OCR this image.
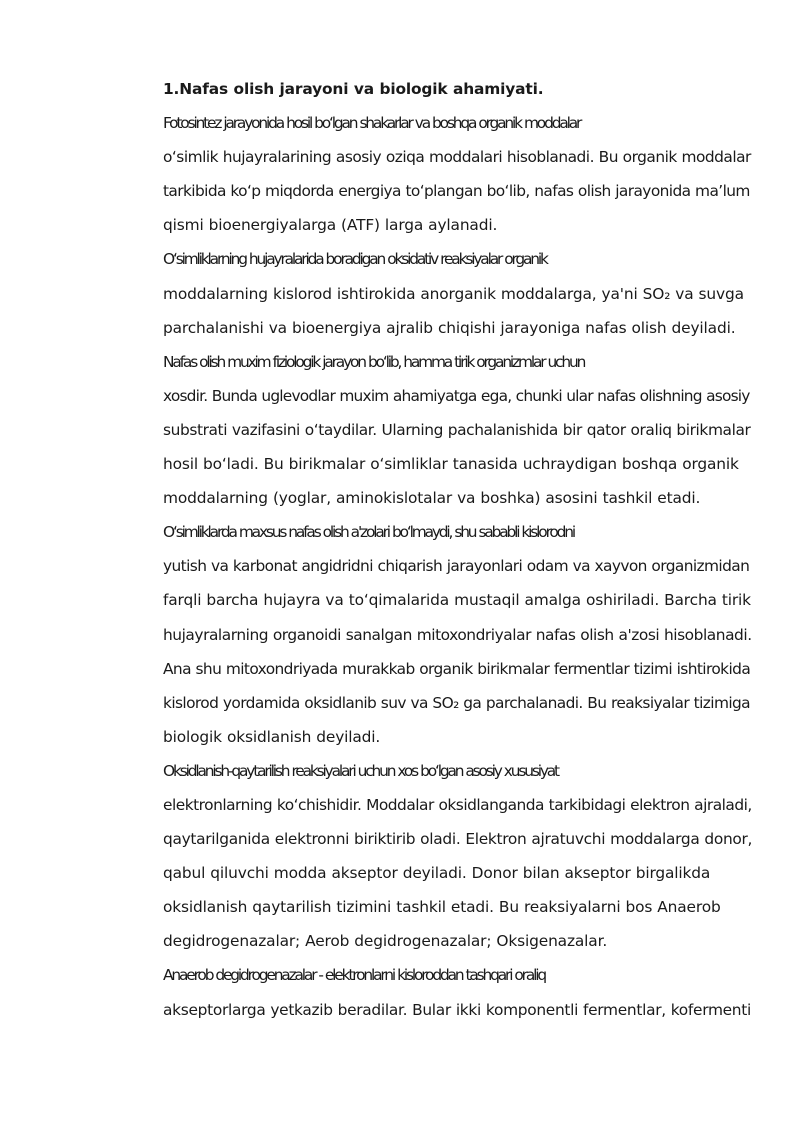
1.Nafas olish jarayoni va biologik ahamiyati.

Fotosintez jarayonida hosil boʻlgan shakarlar va boshqa organik moddalar
oʻsimlik hujayralarining asosiy oziqa moddalari hisoblanadi. Bu organik moddalar
tarkibida koʻp miqdorda energiya toʻplangan boʻlib, nafas olish jarayonida maʼlum
qismi bioenergiyalarga (ATF) larga aylanadi.

Oʻsimliklarning hujayralarida boradigan oksidativ reaksiyalar organik
moddalarning kislorod ishtirokida anorganik moddalarga, ya'ni SO₂ va suvga
parchalanishi va bioenergiya ajralib chiqishi jarayoniga nafas olish deyiladi.

Nafas olish muxim fiziologik jarayon boʻlib, hamma tirik organizmlar uchun
xosdir. Bunda uglevodlar muxim ahamiyatga ega, chunki ular nafas olishning asosiy
substrati vazifasini oʻtaydilar. Ularning pachalanishida bir qator oraliq birikmalar
hosil boʻladi. Bu birikmalar oʻsimliklar tanasida uchraydigan boshqa organik
moddalarning (yoglar, aminokislotalar va boshka) asosini tashkil etadi.

Oʻsimliklarda maxsus nafas olish a'zolari boʻlmaydi, shu sababli kislorodni
yutish va karbonat angidridni chiqarish jarayonlari odam va xayvon organizmidan
farqli barcha hujayra va toʻqimalarida mustaqil amalga oshiriladi. Barcha tirik
hujayralarning organoidi sanalgan mitoxondriyalar nafas olish a'zosi hisoblanadi.
Ana shu mitoxondriyada murakkab organik birikmalar fermentlar tizimi ishtirokida
kislorod yordamida oksidlanib suv va SO₂ ga parchalanadi. Bu reaksiyalar tizimiga
biologik oksidlanish deyiladi.

Oksidlanish-qaytarilish reaksiyalari uchun xos boʻlgan asosiy xususiyat
elektronlarning koʻchishidir. Moddalar oksidlanganda tarkibidagi elektron ajraladi,
qaytarilganida elektronni biriktirib oladi. Elektron ajratuvchi moddalarga donor,
qabul qiluvchi modda akseptor deyiladi. Donor bilan akseptor birgalikda
oksidlanish qaytarilish tizimini tashkil etadi. Bu reaksiyalarni bos Anaerob
degidrogenazalar; Aerob degidrogenazalar; Oksigenazalar.

Anaerob degidrogenazalar - elektronlarni kisloroddan tashqari oraliq
akseptorlarga yetkazib beradilar. Bular ikki komponentli fermentlar, kofermenti
